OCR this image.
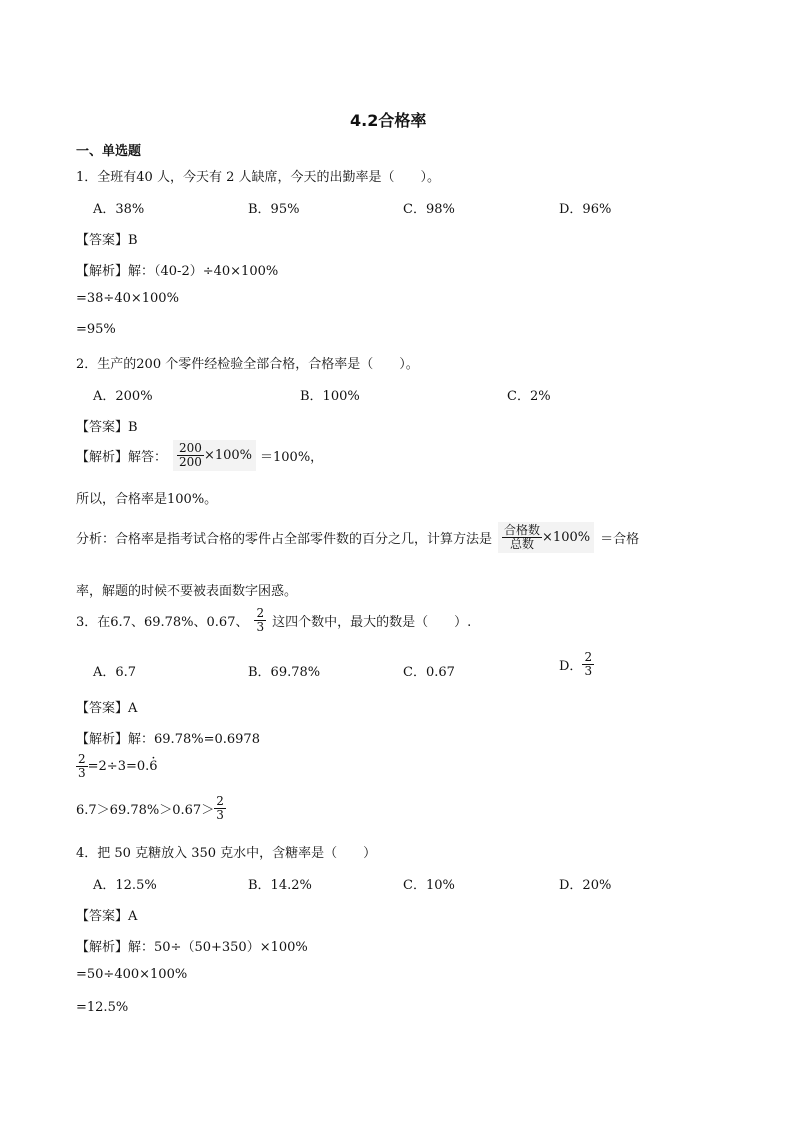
4.2合格率
一、单选题
1．全班有40 人，今天有 2 人缺席，今天的出勤率是（　　）。
A．38%	B．95%	C．98%	D．96%
【答案】B
【解析】解：（40-2）÷40×100%
=38÷40×100%
=95%
2．生产的200 个零件经检验全部合格，合格率是（　　）。
A．200%	B．100%	C．2%
【答案】B
【解析】 解答： $\frac{200}{200} \times 100\% =100\%$，
所以，合格率是100%。
分析：合格率是指考试合格的零件占全部零件数的百分之几，计算方法是 $\frac{\text{合格数}}{\text{总数}} \times 100\%$ ＝合格
率，解题的时候不要被表面数字困惑。
3．在6.7、69.78%、0.67、 $\frac{2}{3}$ 这四个数中，最大的数是（　　）.
A．6.7	B．69.78%	C．0.67	D． $\frac{2}{3}$
【答案】A
【解析】解：69.78%=0.6978
$\frac{2}{3} =2\div 3=0$.
· 6
$6.7>69.78\%>0.67> \frac{2}{3}$
4．把 50 克糖放入 350 克水中，含糖率是（　　）
A．12.5%	B．14.2%	C．10%	D．20%
【答案】A
【解析】解：50÷（50+350）×100%
=50÷400×100%
=12.5%
